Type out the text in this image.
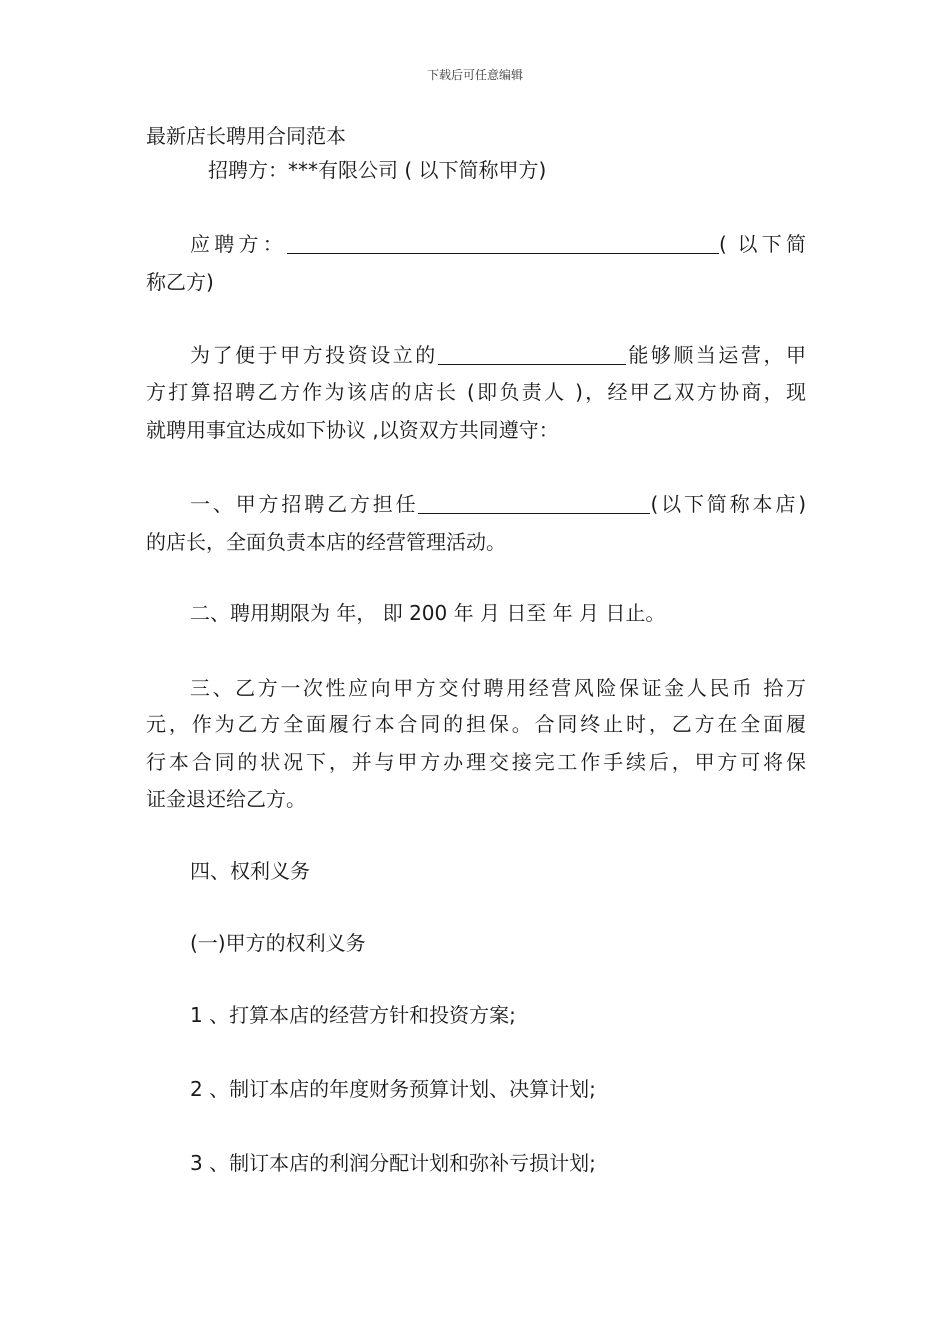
下载后可任意编辑
最新店长聘用合同范本
招聘方：***有限公司 ( 以下简称甲方)
应聘方：	( 以下简
称乙方)
为了便于甲方投资设立的	能够顺当运营，甲
方打算招聘乙方作为该店的店长 (即负责人 )，经甲乙双方协商，现
就聘用事宜达成如下协议 ,以资双方共同遵守：
一、甲方招聘乙方担任	(以下简称本店)
的店长，全面负责本店的经营管理活动。
二、聘用期限为 年， 即 200 年 月 日至 年 月 日止。
三、乙方一次性应向甲方交付聘用经营风险保证金人民币 拾万
元，作为乙方全面履行本合同的担保。合同终止时，乙方在全面履
行本合同的状况下，并与甲方办理交接完工作手续后，甲方可将保
证金退还给乙方。
四、权利义务
(一)甲方的权利义务
1 、打算本店的经营方针和投资方案;
2 、制订本店的年度财务预算计划、决算计划;
3 、制订本店的利润分配计划和弥补亏损计划;
